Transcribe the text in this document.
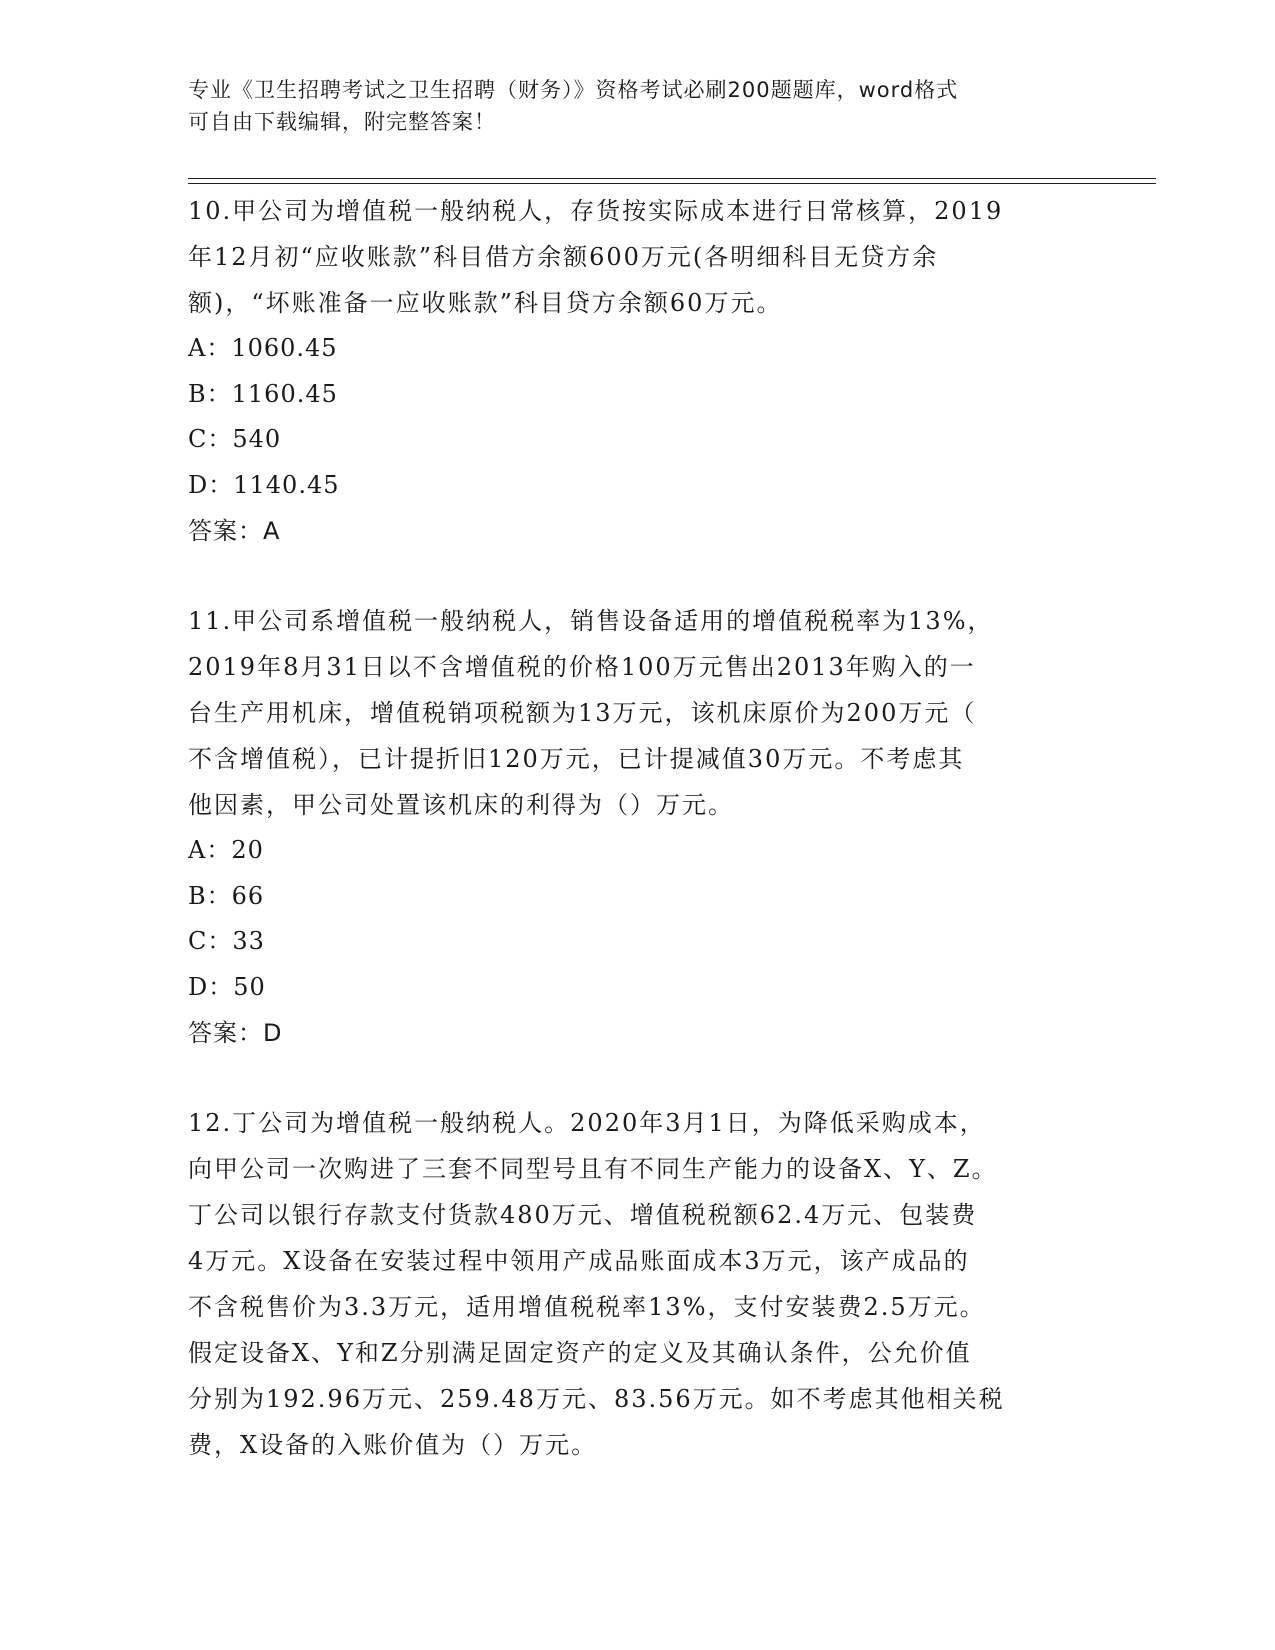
专业《卫生招聘考试之卫生招聘（财务）》资格考试必刷200题题库，word格式
可自由下载编辑，附完整答案！

10.甲公司为增值税一般纳税人，存货按实际成本进行日常核算，2019

年12月初“应收账款”科目借方余额600万元(各明细科目无贷方余

额)，“坏账准备一应收账款”科目贷方余额60万元。

A：1060.45

B：1160.45

C：540

D：1140.45

答案：A

11.甲公司系增值税一般纳税人，销售设备适用的增值税税率为13%，

2019年8月31日以不含增值税的价格100万元售出2013年购入的一

台生产用机床，增值税销项税额为13万元，该机床原价为200万元（

不含增值税），已计提折旧120万元，已计提减值30万元。不考虑其

他因素，甲公司处置该机床的利得为（）万元。

A：20

B：66

C：33

D：50

答案：D

12.丁公司为增值税一般纳税人。2020年3月1日，为降低采购成本，

向甲公司一次购进了三套不同型号且有不同生产能力的设备X、Y、Z。

丁公司以银行存款支付货款480万元、增值税税额62.4万元、包装费

4万元。X设备在安装过程中领用产成品账面成本3万元，该产成品的

不含税售价为3.3万元，适用增值税税率13%，支付安装费2.5万元。

假定设备X、Y和Z分别满足固定资产的定义及其确认条件，公允价值

分别为192.96万元、259.48万元、83.56万元。如不考虑其他相关税

费，X设备的入账价值为（）万元。
